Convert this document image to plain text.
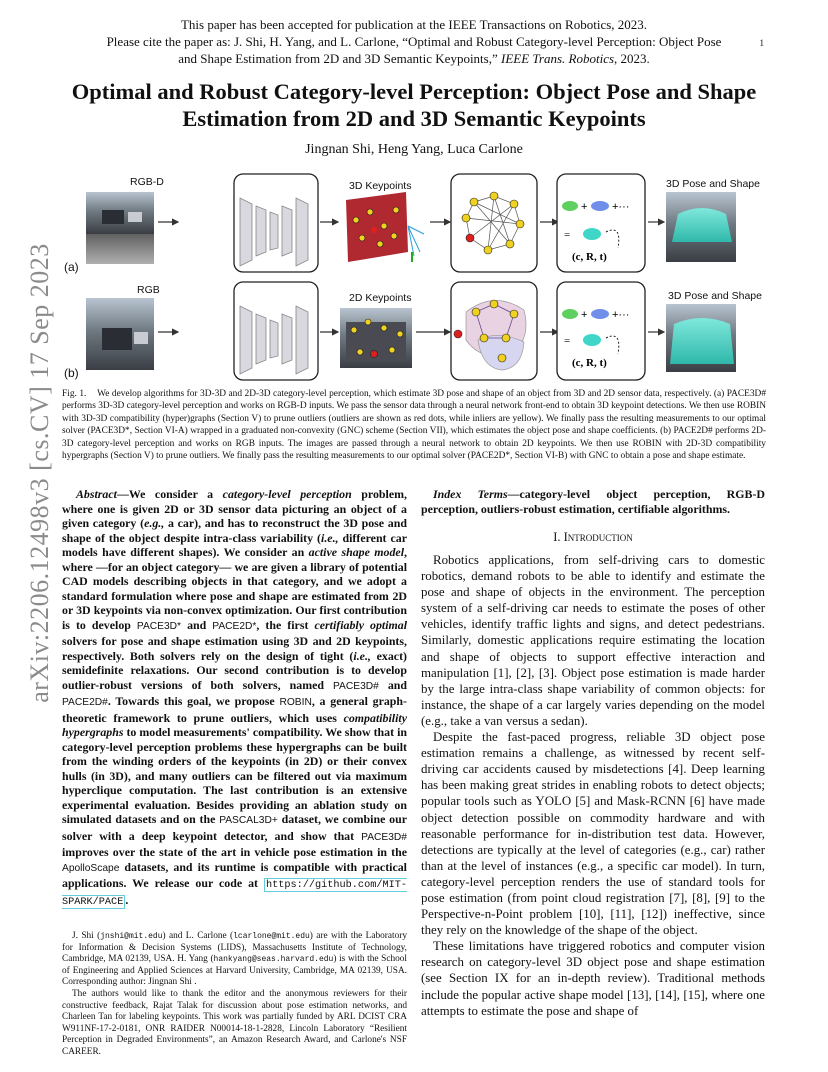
This paper has been accepted for publication at the IEEE Transactions on Robotics, 2023.
Please cite the paper as: J. Shi, H. Yang, and L. Carlone, “Optimal and Robust Category-level Perception: Object Pose
and Shape Estimation from 2D and 3D Semantic Keypoints,” IEEE Trans. Robotics, 2023.
1
Optimal and Robust Category-level Perception: Object Pose and Shape Estimation from 2D and 3D Semantic Keypoints
Jingnan Shi, Heng Yang, Luca Carlone
arXiv:2206.12498v3 [cs.CV] 17 Sep 2023
RGB-D	3D Keypoints	3D Pose and Shape
(a)
RGB
2D Keypoints	3D Pose and Shape
(b)
+ +···
=
(c, R, t)
+ +···
=
(c, R, t)
Fig. 1. We develop algorithms for 3D-3D and 2D-3D category-level perception, which estimate 3D pose and shape of an object from 3D and 2D sensor data, respectively. (a) PACE3D# performs 3D-3D category-level perception and works on RGB-D inputs. We pass the sensor data through a neural network front-end to obtain 3D keypoint detections. We then use ROBIN with 3D-3D compatibility (hyper)graphs (Section V) to prune outliers (outliers are shown as red dots, while inliers are yellow). We finally pass the resulting measurements to our optimal solver (PACE3D*, Section VI-A) wrapped in a graduated non-convexity (GNC) scheme (Section VII), which estimates the object pose and shape coefficients. (b) PACE2D# performs 2D-3D category-level perception and works on RGB inputs. The images are passed through a neural network to obtain 2D keypoints. We then use ROBIN with 2D-3D compatibility hypergraphs (Section V) to prune outliers. We finally pass the resulting measurements to our optimal solver (PACE2D*, Section VI-B) with GNC to obtain a pose and shape estimate.
Abstract—We consider a category-level perception problem, where one is given 2D or 3D sensor data picturing an object of a given category (e.g., a car), and has to reconstruct the 3D pose and shape of the object despite intra-class variability (i.e., different car models have different shapes). We consider an active shape model, where —for an object category— we are given a library of potential CAD models describing objects in that category, and we adopt a standard formulation where pose and shape are estimated from 2D or 3D keypoints via non-convex optimization. Our first contribution is to develop PACE3D* and PACE2D*, the first certifiably optimal solvers for pose and shape estimation using 3D and 2D keypoints, respectively. Both solvers rely on the design of tight (i.e., exact) semidefinite relaxations. Our second contribution is to develop outlier-robust versions of both solvers, named PACE3D# and PACE2D#. Towards this goal, we propose ROBIN, a general graph-theoretic framework to prune outliers, which uses compatibility hypergraphs to model measurements' compatibility. We show that in category-level perception problems these hypergraphs can be built from the winding orders of the keypoints (in 2D) or their convex hulls (in 3D), and many outliers can be filtered out via maximum hyperclique computation. The last contribution is an extensive experimental evaluation. Besides providing an ablation study on simulated datasets and on the PASCAL3D+ dataset, we combine our solver with a deep keypoint detector, and show that PACE3D# improves over the state of the art in vehicle pose estimation in the ApolloScape datasets, and its runtime is compatible with practical applications. We release our code at https://github.com/MIT-SPARK/PACE .
J. Shi (jnshi@mit.edu) and L. Carlone (lcarlone@mit.edu) are with the Laboratory for Information & Decision Systems (LIDS), Massachusetts Institute of Technology, Cambridge, MA 02139, USA. H. Yang (hankyang@seas.harvard.edu) is with the School of Engineering and Applied Sciences at Harvard University, Cambridge, MA 02139, USA. Corresponding author: Jingnan Shi .
The authors would like to thank the editor and the anonymous reviewers for their constructive feedback, Rajat Talak for discussion about pose estimation networks, and Charleen Tan for labeling keypoints. This work was partially funded by ARL DCIST CRA W911NF-17-2-0181, ONR RAIDER N00014-18-1-2828, Lincoln Laboratory “Resilient Perception in Degraded Environments”, an Amazon Research Award, and Carlone's NSF CAREER.
Index Terms—category-level object perception, RGB-D perception, outliers-robust estimation, certifiable algorithms.
I. Introduction

Robotics applications, from self-driving cars to domestic robotics, demand robots to be able to identify and estimate the pose and shape of objects in the environment. The perception system of a self-driving car needs to estimate the poses of other vehicles, identify traffic lights and signs, and detect pedestrians. Similarly, domestic applications require estimating the location and shape of objects to support effective interaction and manipulation [1], [2], [3]. Object pose estimation is made harder by the large intra-class shape variability of common objects: for instance, the shape of a car largely varies depending on the model (e.g., take a van versus a sedan).

Despite the fast-paced progress, reliable 3D object pose estimation remains a challenge, as witnessed by recent self-driving car accidents caused by misdetections [4]. Deep learning has been making great strides in enabling robots to detect objects; popular tools such as YOLO [5] and Mask-RCNN [6] have made object detection possible on commodity hardware and with reasonable performance for in-distribution test data. However, detections are typically at the level of categories (e.g., car) rather than at the level of instances (e.g., a specific car model). In turn, category-level perception renders the use of standard tools for pose estimation (from point cloud registration [7], [8], [9] to the Perspective-n-Point problem [10], [11], [12]) ineffective, since they rely on the knowledge of the shape of the object.

These limitations have triggered robotics and computer vision research on category-level 3D object pose and shape estimation (see Section IX for an in-depth review). Traditional methods include the popular active shape model [13], [14], [15], where one attempts to estimate the pose and shape of
